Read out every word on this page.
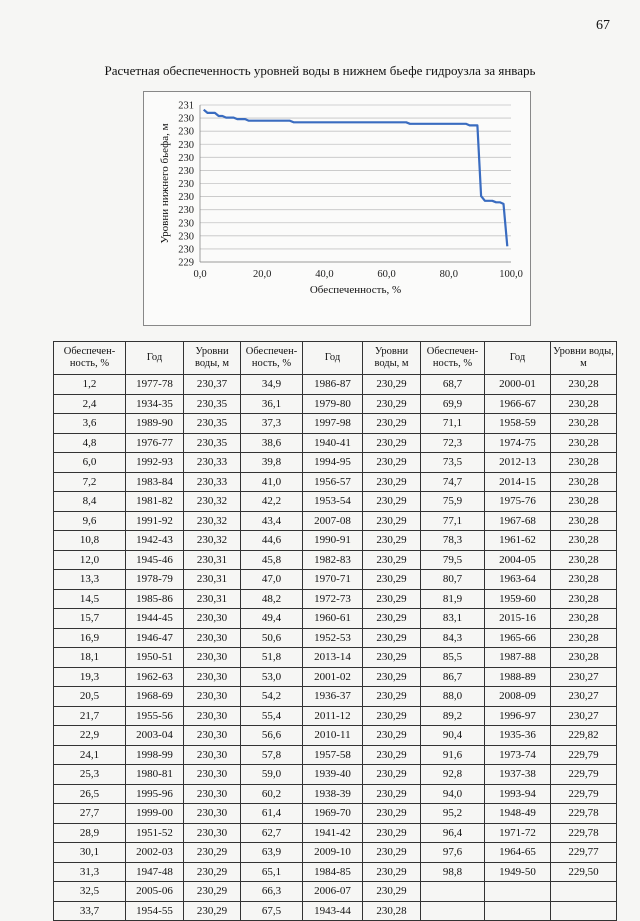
67
Расчетная обеспеченность уровней воды в нижнем бьефе гидроузла за январь
231
230
230
230
230
230
230
230
230
230
230
230
229
0,0	20,0	40,0	60,0	80,0	100,0
Обеспеченность, %
Уровни нижнего бьефа, м
Обеспечен-ность, %	Год	Уровни воды, м	Обеспечен-ность, %	Год	Уровни воды, м	Обеспечен-ность, %	Год	Уровни воды, м
1,2	1977-78	230,37	34,9	1986-87	230,29	68,7	2000-01	230,28
2,4	1934-35	230,35	36,1	1979-80	230,29	69,9	1966-67	230,28
3,6	1989-90	230,35	37,3	1997-98	230,29	71,1	1958-59	230,28
4,8	1976-77	230,35	38,6	1940-41	230,29	72,3	1974-75	230,28
6,0	1992-93	230,33	39,8	1994-95	230,29	73,5	2012-13	230,28
7,2	1983-84	230,33	41,0	1956-57	230,29	74,7	2014-15	230,28
8,4	1981-82	230,32	42,2	1953-54	230,29	75,9	1975-76	230,28
9,6	1991-92	230,32	43,4	2007-08	230,29	77,1	1967-68	230,28
10,8	1942-43	230,32	44,6	1990-91	230,29	78,3	1961-62	230,28
12,0	1945-46	230,31	45,8	1982-83	230,29	79,5	2004-05	230,28
13,3	1978-79	230,31	47,0	1970-71	230,29	80,7	1963-64	230,28
14,5	1985-86	230,31	48,2	1972-73	230,29	81,9	1959-60	230,28
15,7	1944-45	230,30	49,4	1960-61	230,29	83,1	2015-16	230,28
16,9	1946-47	230,30	50,6	1952-53	230,29	84,3	1965-66	230,28
18,1	1950-51	230,30	51,8	2013-14	230,29	85,5	1987-88	230,28
19,3	1962-63	230,30	53,0	2001-02	230,29	86,7	1988-89	230,27
20,5	1968-69	230,30	54,2	1936-37	230,29	88,0	2008-09	230,27
21,7	1955-56	230,30	55,4	2011-12	230,29	89,2	1996-97	230,27
22,9	2003-04	230,30	56,6	2010-11	230,29	90,4	1935-36	229,82
24,1	1998-99	230,30	57,8	1957-58	230,29	91,6	1973-74	229,79
25,3	1980-81	230,30	59,0	1939-40	230,29	92,8	1937-38	229,79
26,5	1995-96	230,30	60,2	1938-39	230,29	94,0	1993-94	229,79
27,7	1999-00	230,30	61,4	1969-70	230,29	95,2	1948-49	229,78
28,9	1951-52	230,30	62,7	1941-42	230,29	96,4	1971-72	229,78
30,1	2002-03	230,29	63,9	2009-10	230,29	97,6	1964-65	229,77
31,3	1947-48	230,29	65,1	1984-85	230,29	98,8	1949-50	229,50
32,5	2005-06	230,29	66,3	2006-07	230,29			
33,7	1954-55	230,29	67,5	1943-44	230,28			
